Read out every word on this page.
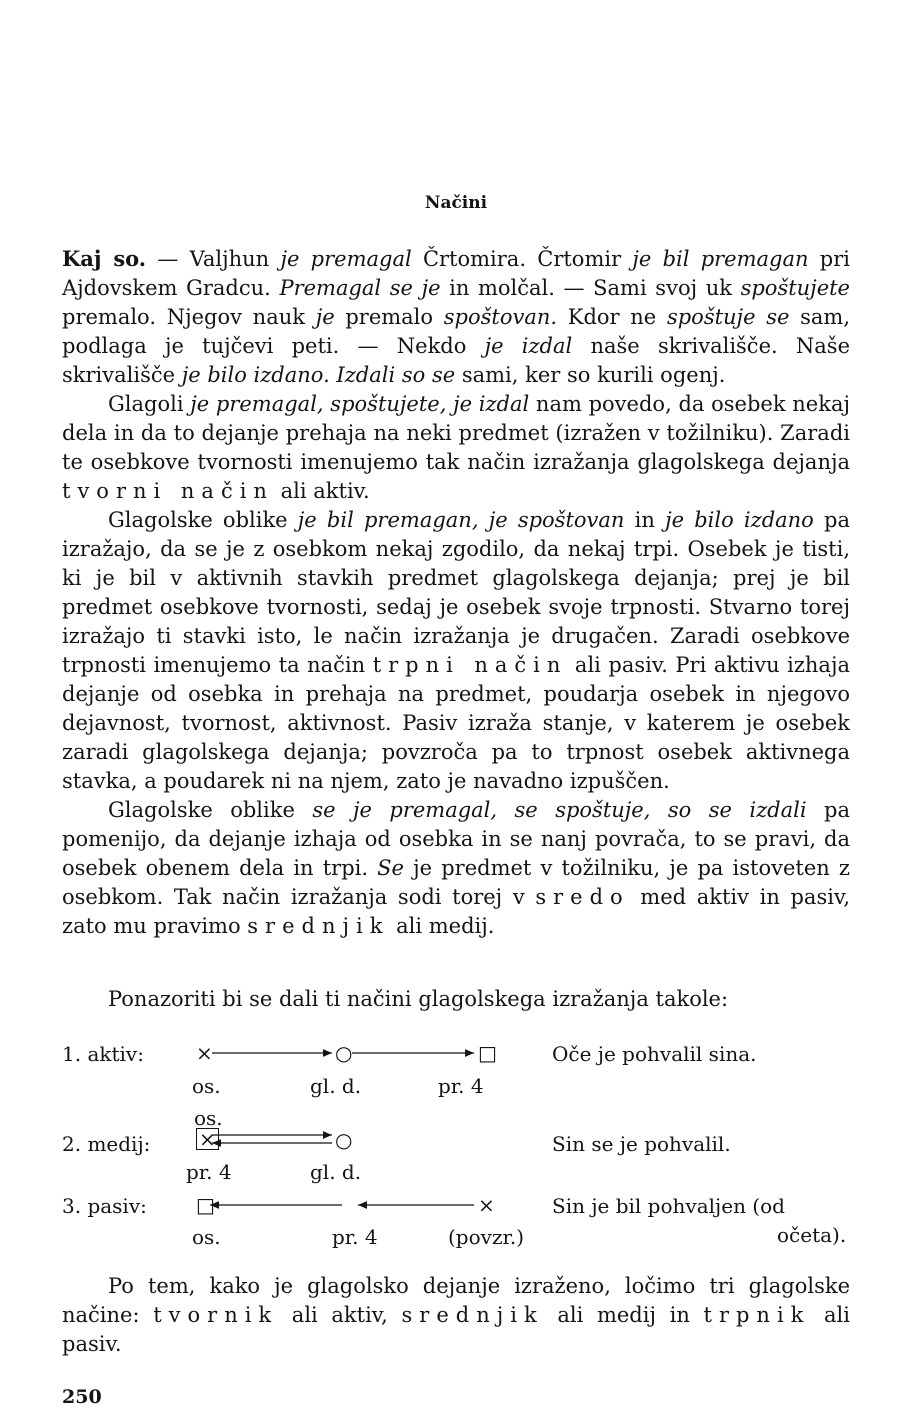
Načini

Kaj so. — Valjhun je premagal Črtomira. Črtomir je bil premagan pri Ajdovskem Gradcu. Premagal se je in molčal. — Sami svoj uk spoštujete premalo. Njegov nauk je premalo spoštovan. Kdor ne spoštuje se sam, podlaga je tujčevi peti. — Nekdo je izdal naše skrivališče. Naše skrivališče je bilo izdano. Izdali so se sami, ker so kurili ogenj.

Glagoli je premagal, spoštujete, je izdal nam povedo, da osebek nekaj dela in da to dejanje prehaja na neki predmet (izražen v tožilniku). Zaradi te osebkove tvornosti imenujemo tak način izražanja glagolskega dejanja tvorni način ali aktiv.

Glagolske oblike je bil premagan, je spoštovan in je bilo izdano pa izražajo, da se je z osebkom nekaj zgodilo, da nekaj trpi. Osebek je tisti, ki je bil v aktivnih stavkih predmet glagolskega dejanja; prej je bil predmet osebkove tvornosti, sedaj je osebek svoje trpnosti. Stvarno torej izražajo ti stavki isto, le način izražanja je drugačen. Zaradi osebkove trpnosti imenujemo ta način trpni način ali pasiv. Pri aktivu izhaja dejanje od osebka in prehaja na predmet, poudarja osebek in njegovo dejavnost, tvornost, aktivnost. Pasiv izraža stanje, v katerem je osebek zaradi glagolskega dejanja; povzroča pa to trpnost osebek aktivnega stavka, a poudarek ni na njem, zato je navadno izpuščen.

Glagolske oblike se je premagal, se spoštuje, so se izdali pa pomenijo, da dejanje izhaja od osebka in se nanj povrača, to se pravi, da osebek obenem dela in trpi. Se je predmet v tožilniku, je pa istoveten z osebkom. Tak način izražanja sodi torej v sredo med aktiv in pasiv, zato mu pravimo srednjik ali medij.

Ponazoriti bi se dali ti načini glagolskega izražanja takole:
1. aktiv:	×	○	□	Oče je pohvalil sina.
os.	gl. d.	pr. 4
os.
2. medij: ×	○	Sin se je pohvalil.
pr. 4	gl. d.
3. pasiv: □	×	Sin je bil pohvaljen (od
očeta).
os.	pr. 4	(povzr.)
Po tem, kako je glagolsko dejanje izraženo, ločimo tri glagolske načine: tvornik ali aktiv, srednjik ali medij in trpnik ali pasiv.
250
